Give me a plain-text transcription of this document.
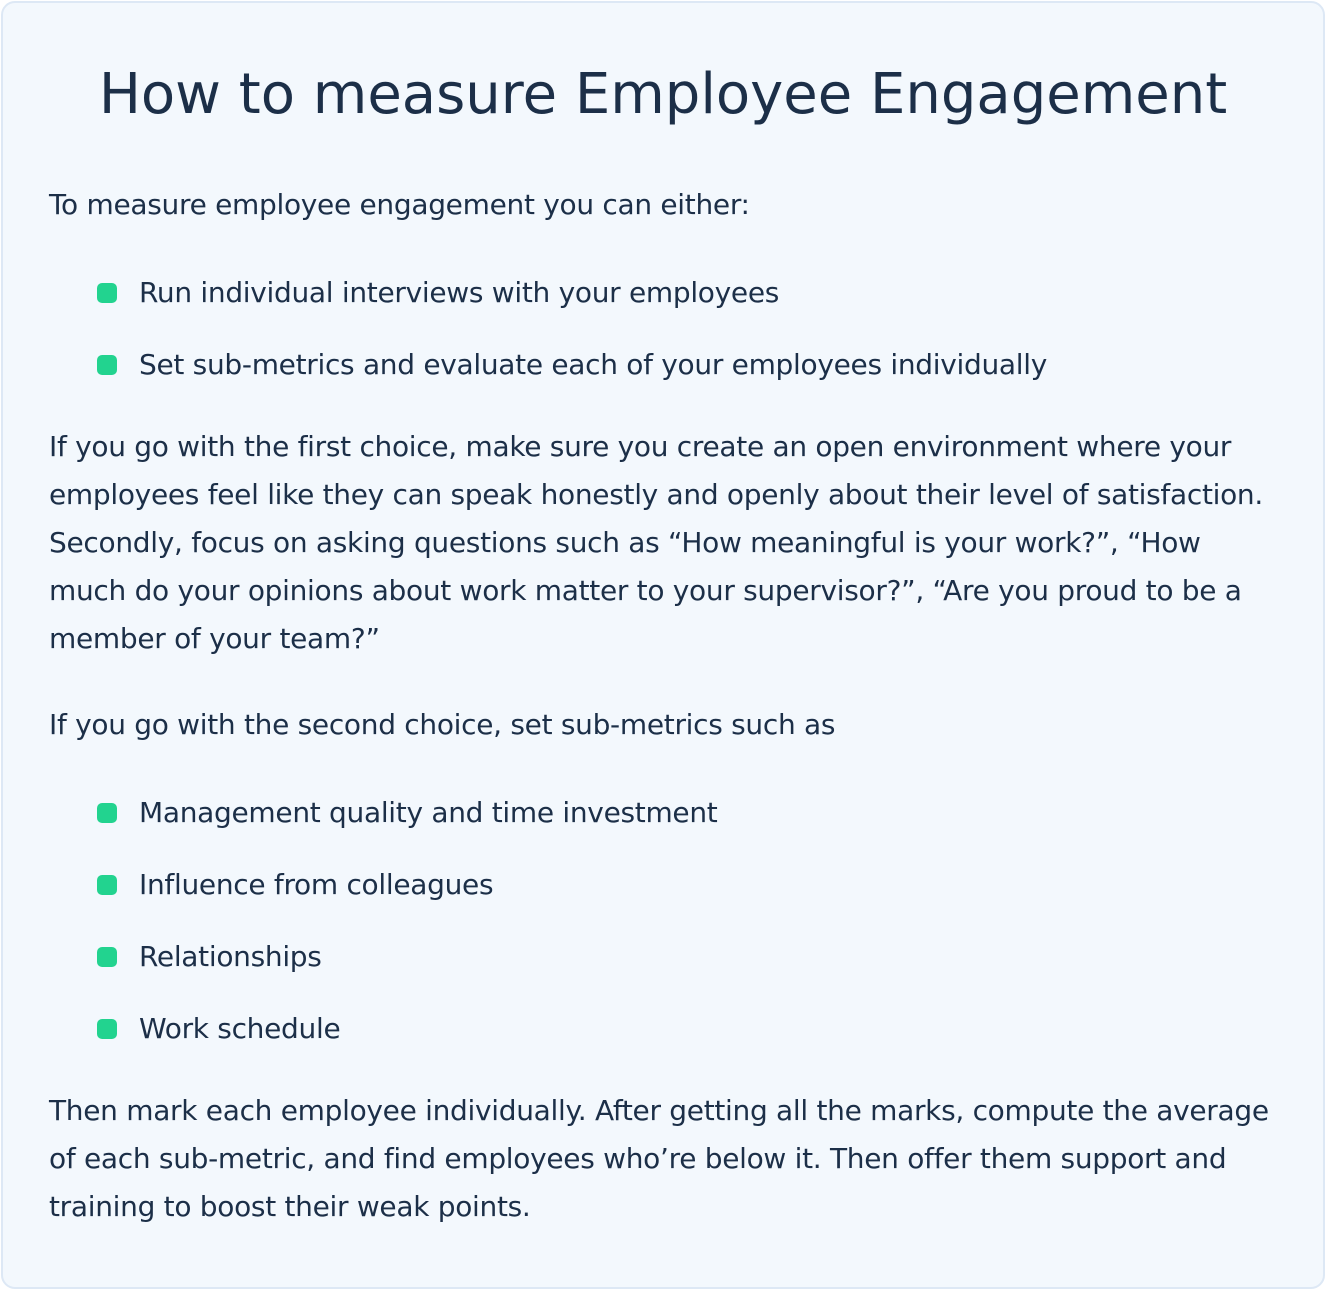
How to measure Employee Engagement

To measure employee engagement you can either:

Run individual interviews with your employees
Set sub-metrics and evaluate each of your employees individually

If you go with the first choice, make sure you create an open environment where your employees feel like they can speak honestly and openly about their level of satisfaction. Secondly, focus on asking questions such as “How meaningful is your work?”, “How much do your opinions about work matter to your supervisor?”, “Are you proud to be a member of your team?”

If you go with the second choice, set sub-metrics such as

Management quality and time investment
Influence from colleagues
Relationships
Work schedule

Then mark each employee individually. After getting all the marks, compute the average of each sub-metric, and find employees who’re below it. Then offer them support and training to boost their weak points.
